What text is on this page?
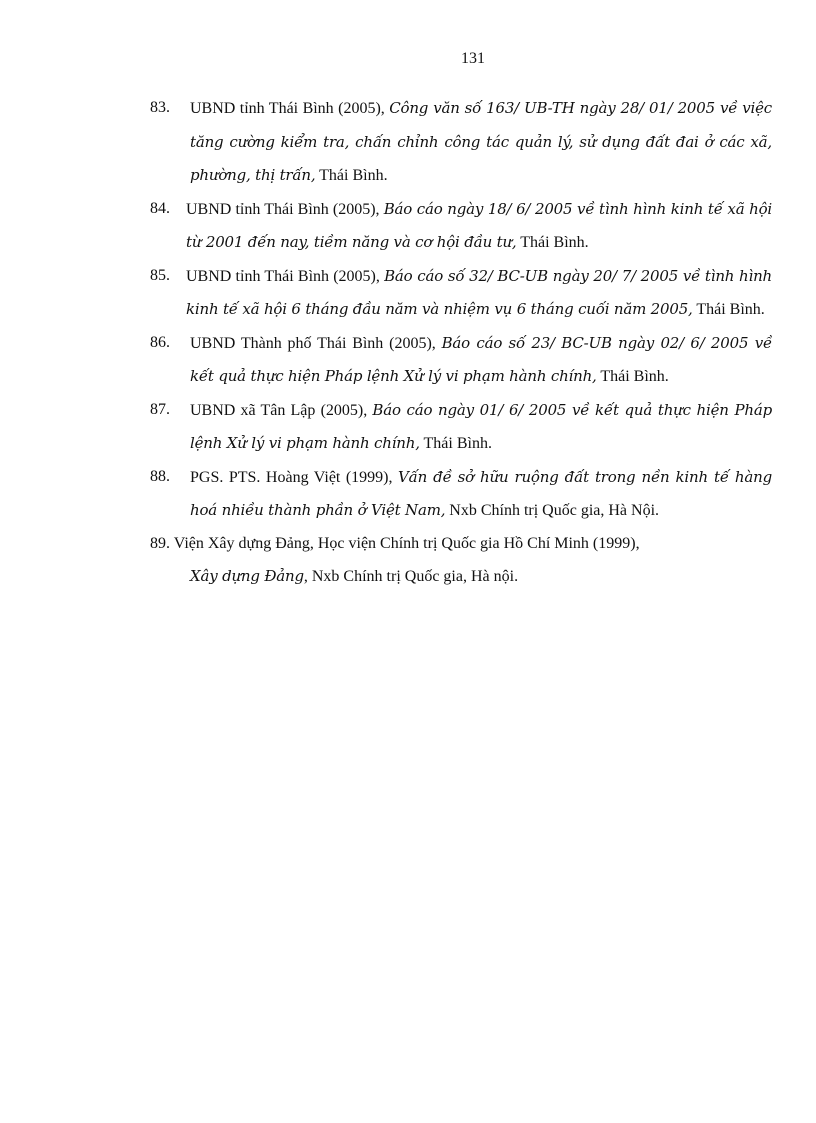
131
83.	UBND tỉnh Thái Bình (2005), Công văn số 163/ UB-TH ngày 28/ 01/ 2005 về việc tăng cường kiểm tra, chấn chỉnh công tác quản lý, sử dụng đất đai ở các xã, phường, thị trấn, Thái Bình.
84.	UBND tỉnh Thái Bình (2005), Báo cáo ngày 18/ 6/ 2005 về tình hình kinh tế xã hội từ 2001 đến nay, tiềm năng và cơ hội đầu tư, Thái Bình.
85.	UBND tỉnh Thái Bình (2005), Báo cáo số 32/ BC-UB ngày 20/ 7/ 2005 về tình hình kinh tế xã hội 6 tháng đầu năm và nhiệm vụ 6 tháng cuối năm 2005, Thái Bình.
86.	UBND Thành phố Thái Bình (2005), Báo cáo số 23/ BC-UB ngày 02/ 6/ 2005 về kết quả thực hiện Pháp lệnh Xử lý vi phạm hành chính, Thái Bình.
87.	UBND xã Tân Lập (2005), Báo cáo ngày 01/ 6/ 2005 về kết quả thực hiện Pháp lệnh Xử lý vi phạm hành chính, Thái Bình.
88.	PGS. PTS. Hoàng Việt (1999), Vấn đề sở hữu ruộng đất trong nền kinh tế hàng hoá nhiều thành phần ở Việt Nam, Nxb Chính trị Quốc gia, Hà Nội.
89. Viện Xây dựng Đảng, Học viện Chính trị Quốc gia Hồ Chí Minh (1999),
Xây dựng Đảng, Nxb Chính trị Quốc gia, Hà nội.
